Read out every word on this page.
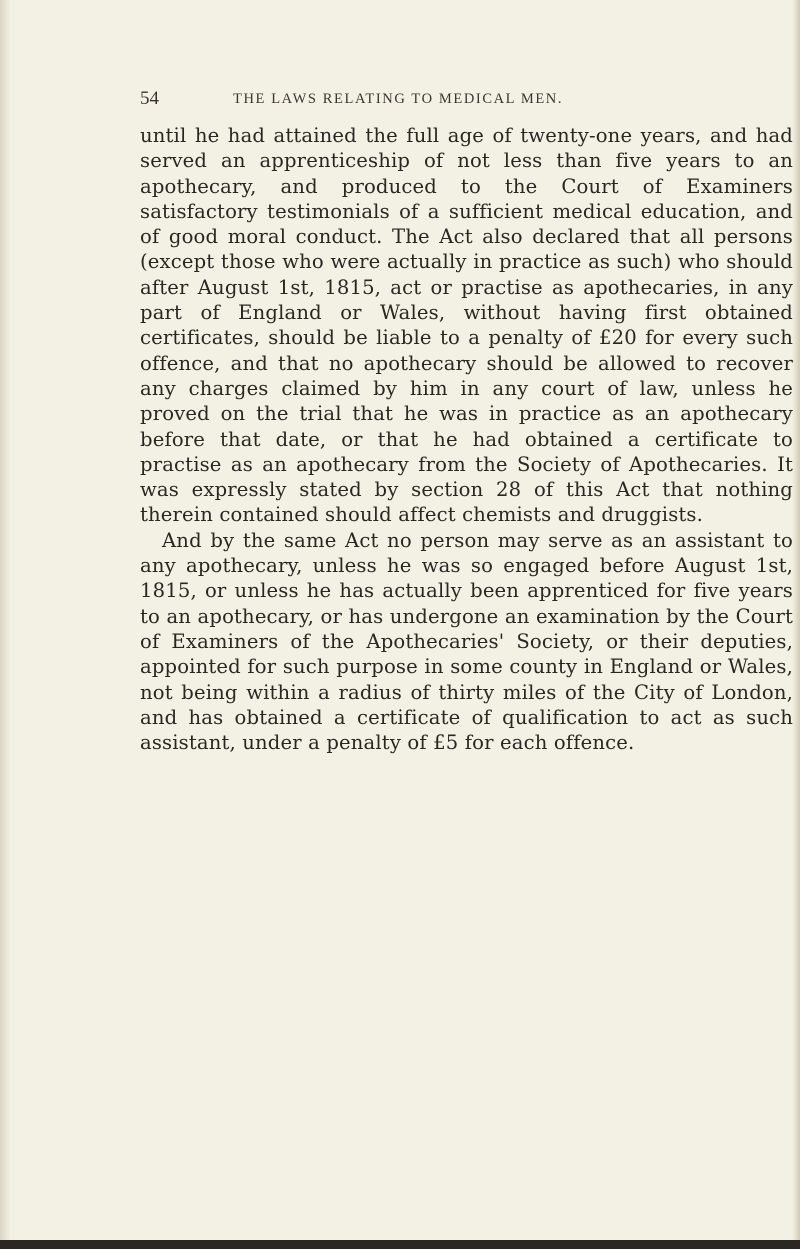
54	THE LAWS RELATING TO MEDICAL MEN.

until he had attained the full age of twenty-one years, and had served an apprenticeship of not less than five years to an apothecary, and produced to the Court of Examiners satisfactory testimonials of a sufficient medical education, and of good moral conduct. The Act also declared that all persons (except those who were actually in practice as such) who should after August 1st, 1815, act or practise as apothecaries, in any part of England or Wales, without having first obtained certificates, should be liable to a penalty of £20 for every such offence, and that no apothecary should be allowed to recover any charges claimed by him in any court of law, unless he proved on the trial that he was in practice as an apothecary before that date, or that he had obtained a certificate to practise as an apothecary from the Society of Apothecaries. It was expressly stated by section 28 of this Act that nothing therein contained should affect chemists and druggists.

And by the same Act no person may serve as an assistant to any apothecary, unless he was so engaged before August 1st, 1815, or unless he has actually been apprenticed for five years to an apothecary, or has undergone an examination by the Court of Examiners of the Apothecaries' Society, or their deputies, appointed for such purpose in some county in England or Wales, not being within a radius of thirty miles of the City of London, and has obtained a certificate of qualification to act as such assistant, under a penalty of £5 for each offence.
